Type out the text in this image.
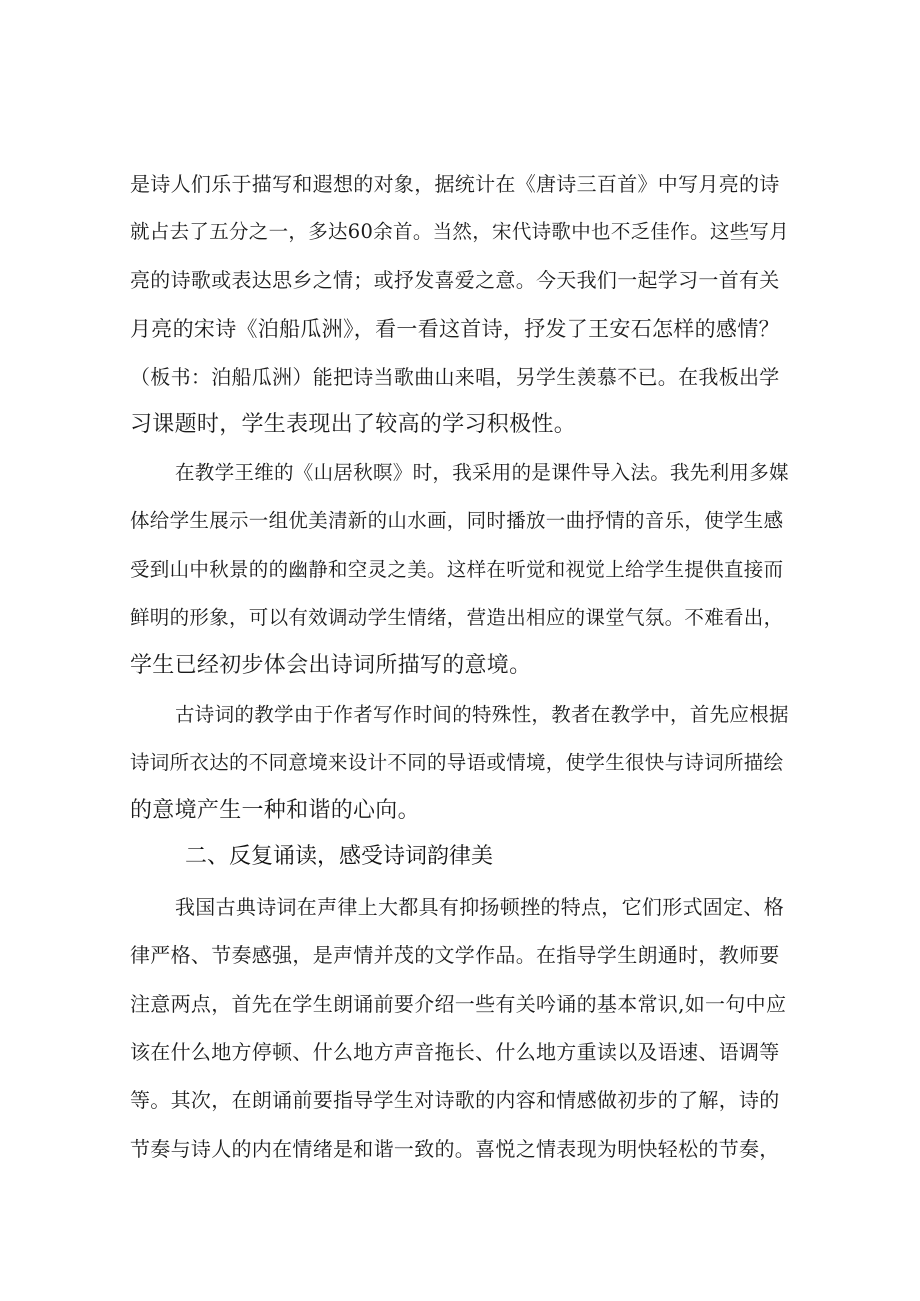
是诗人们乐于描写和遐想的对象，据统计在《唐诗三百首》中写月亮的诗
就占去了五分之一，多达60余首。当然，宋代诗歌中也不乏佳作。这些写月
亮的诗歌或表达思乡之情；或抒发喜爱之意。今天我们一起学习一首有关
月亮的宋诗《泊船瓜洲》，看一看这首诗，抒发了王安石怎样的感情？
（板书：泊船瓜洲）能把诗当歌曲山来唱，另学生羡慕不已。在我板出学
习课题时，学生表现出了较高的学习积极性。
在教学王维的《山居秋暝》时，我采用的是课件导入法。我先利用多媒
体给学生展示一组优美清新的山水画，同时播放一曲抒情的音乐，使学生感
受到山中秋景的的幽静和空灵之美。这样在听觉和视觉上给学生提供直接而
鲜明的形象，可以有效调动学生情绪，营造出相应的课堂气氛。不难看出，
学生已经初步体会出诗词所描写的意境。
古诗词的教学由于作者写作时间的特殊性，教者在教学中，首先应根据
诗词所衣达的不同意境来设计不同的导语或情境，使学生很快与诗词所描绘
的意境产生一种和谐的心向。
二、反复诵读，感受诗词韵律美
我国古典诗词在声律上大都具有抑扬顿挫的特点，它们形式固定、格
律严格、节奏感强，是声情并茂的文学作品。在指导学生朗通时，教师要
注意两点，首先在学生朗诵前要介绍一些有关吟诵的基本常识,如一句中应
该在什么地方停顿、什么地方声音拖长、什么地方重读以及语速、语调等
等。其次，在朗诵前要指导学生对诗歌的内容和情感做初步的了解，诗的
节奏与诗人的内在情绪是和谐一致的。喜悦之情表现为明快轻松的节奏，
